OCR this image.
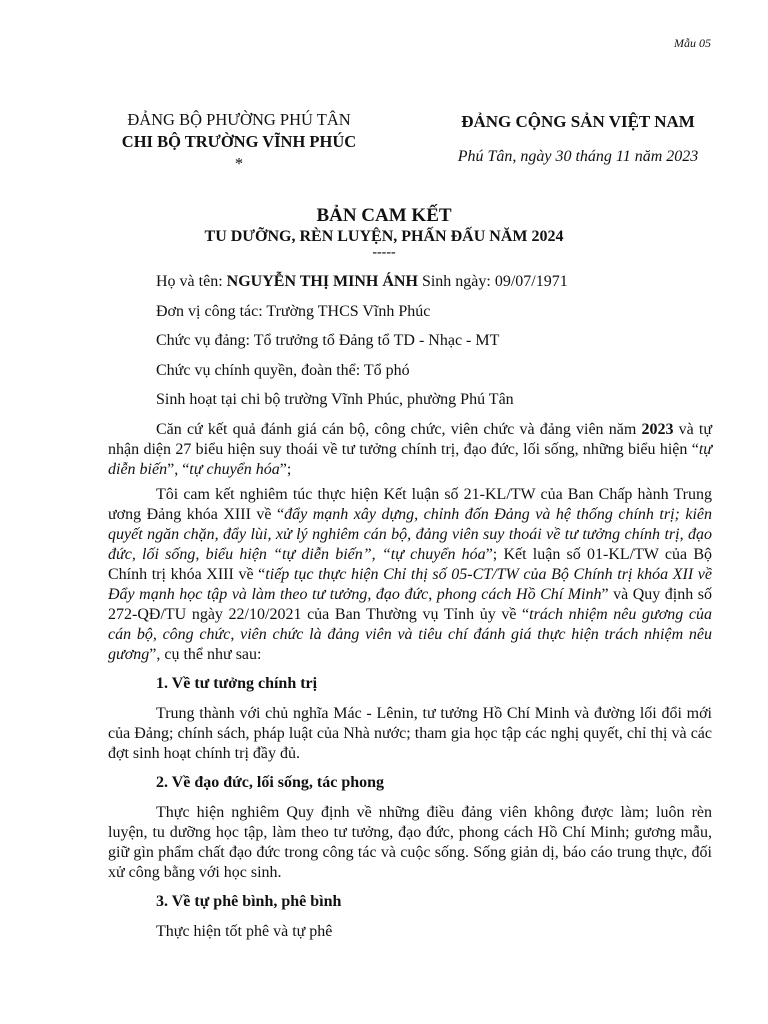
Mẫu 05
ĐẢNG BỘ PHƯỜNG PHÚ TÂN
CHI BỘ TRƯỜNG VĨNH PHÚC
*
ĐẢNG CỘNG SẢN VIỆT NAM
Phú Tân, ngày 30 tháng 11 năm 2023
BẢN CAM KẾT
TU DƯỠNG, RÈN LUYỆN, PHẤN ĐẤU NĂM 2024
-----

Họ và tên: NGUYỄN THỊ MINH ÁNH Sinh ngày: 09/07/1971

Đơn vị công tác: Trường THCS Vĩnh Phúc

Chức vụ đảng: Tổ trưởng tổ Đảng tổ TD - Nhạc - MT

Chức vụ chính quyền, đoàn thể: Tổ phó

Sinh hoạt tại chi bộ trường Vĩnh Phúc, phường Phú Tân

Căn cứ kết quả đánh giá cán bộ, công chức, viên chức và đảng viên năm 2023 và tự nhận diện 27 biểu hiện suy thoái về tư tưởng chính trị, đạo đức, lối sống, những biểu hiện “tự diễn biến”, “tự chuyển hóa”;

Tôi cam kết nghiêm túc thực hiện Kết luận số 21-KL/TW của Ban Chấp hành Trung ương Đảng khóa XIII về “đẩy mạnh xây dựng, chỉnh đốn Đảng và hệ thống chính trị; kiên quyết ngăn chặn, đẩy lùi, xử lý nghiêm cán bộ, đảng viên suy thoái về tư tưởng chính trị, đạo đức, lối sống, biểu hiện “tự diễn biến”, “tự chuyển hóa”; Kết luận số 01-KL/TW của Bộ Chính trị khóa XIII về “tiếp tục thực hiện Chỉ thị số 05-CT/TW của Bộ Chính trị khóa XII về Đẩy mạnh học tập và làm theo tư tưởng, đạo đức, phong cách Hồ Chí Minh” và Quy định số 272-QĐ/TU ngày 22/10/2021 của Ban Thường vụ Tỉnh ủy về “trách nhiệm nêu gương của cán bộ, công chức, viên chức là đảng viên và tiêu chí đánh giá thực hiện trách nhiệm nêu gương”, cụ thể như sau:

1. Về tư tưởng chính trị

Trung thành với chủ nghĩa Mác - Lênin, tư tưởng Hồ Chí Minh và đường lối đổi mới của Đảng; chính sách, pháp luật của Nhà nước; tham gia học tập các nghị quyết, chỉ thị và các đợt sinh hoạt chính trị đầy đủ.

2. Về đạo đức, lối sống, tác phong

Thực hiện nghiêm Quy định về những điều đảng viên không được làm; luôn rèn luyện, tu dưỡng học tập, làm theo tư tưởng, đạo đức, phong cách Hồ Chí Minh; gương mẫu, giữ gìn phẩm chất đạo đức trong công tác và cuộc sống. Sống giản dị, báo cáo trung thực, đối xử công bằng với học sinh.

3. Về tự phê bình, phê bình

Thực hiện tốt phê và tự phê
